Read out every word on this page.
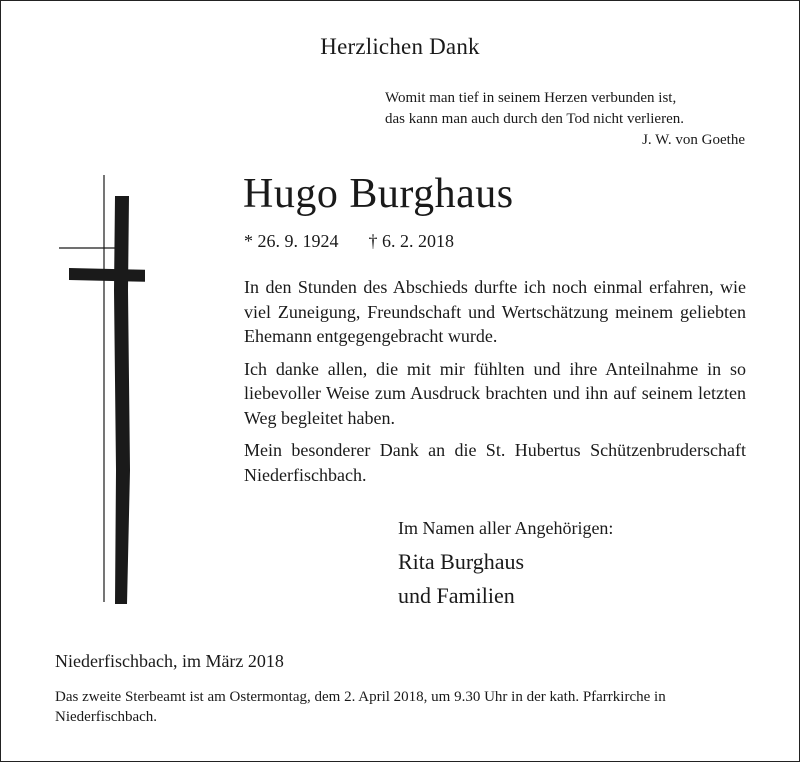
Herzlichen Dank
Womit man tief in seinem Herzen verbunden ist,
das kann man auch durch den Tod nicht verlieren.
J. W. von Goethe
Hugo Burghaus
* 26. 9. 1924 † 6. 2. 2018

In den Stunden des Abschieds durfte ich noch einmal erfahren, wie viel Zuneigung, Freundschaft und Wertschätzung meinem geliebten Ehemann entgegengebracht wurde.

Ich danke allen, die mit mir fühlten und ihre Anteilnahme in so liebevoller Weise zum Ausdruck brachten und ihn auf seinem letzten Weg begleitet haben.

Mein besonderer Dank an die St. Hubertus Schützenbruderschaft Niederfischbach.

Im Namen aller Angehörigen:
Rita Burghaus
und Familien
Niederfischbach, im März 2018
Das zweite Sterbeamt ist am Ostermontag, dem 2. April 2018, um 9.30 Uhr in der kath. Pfarrkirche in Niederfischbach.
